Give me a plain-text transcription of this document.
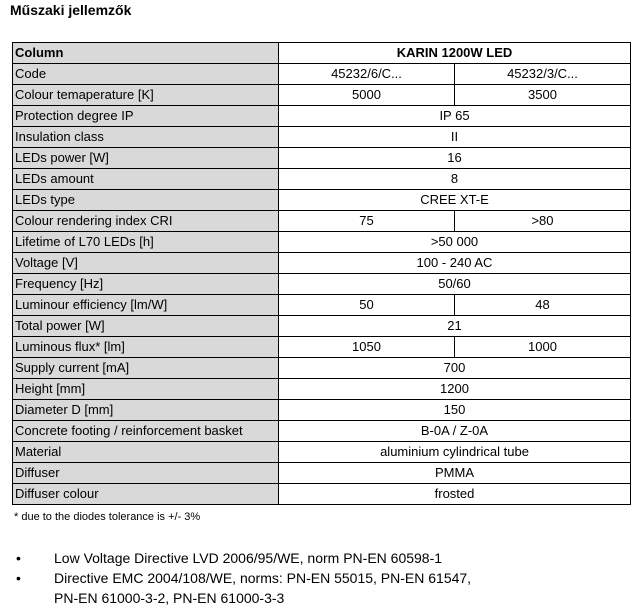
Műszaki jellemzők
Column	KARIN 1200W LED	
Code	45232/6/C...	45232/3/C...
Colour temaperature [K]	5000	3500
Protection degree IP	IP 65	
Insulation class	II	
LEDs power [W]	16	
LEDs amount	8	
LEDs type	CREE XT-E	
Colour rendering index CRI	75	>80
Lifetime of L70 LEDs [h]	>50 000	
Voltage [V]	100 - 240 AC	
Frequency [Hz]	50/60	
Luminour efficiency [lm/W]	50	48
Total power [W]	21	
Luminous flux* [lm]	1050	1000
Supply current [mA]	700	
Height [mm]	1200	
Diameter D [mm]	150	
Concrete footing / reinforcement basket	B-0A / Z-0A	
Material	aluminium cylindrical tube	
Diffuser	PMMA	
Diffuser colour	frosted	
* due to the diodes tolerance is +/- 3%
• Low Voltage Directive LVD 2006/95/WE, norm PN-EN 60598-1
• Directive EMC 2004/108/WE, norms: PN-EN 55015, PN-EN 61547, PN-EN 61000-3-2, PN-EN 61000-3-3
